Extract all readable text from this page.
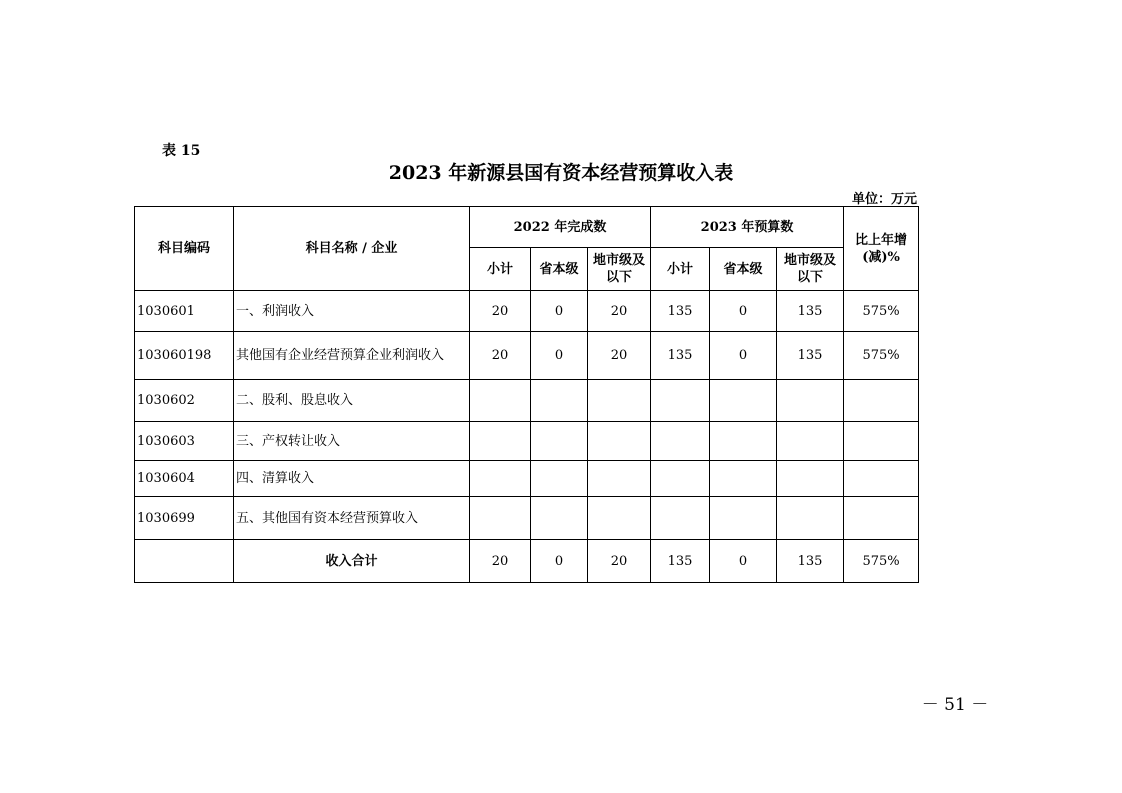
表 15
2023 年新源县国有资本经营预算收入表
单位：万元
科目编码	科目名称 / 企业	2022 年完成数			2023 年预算数			比上年增(减)%
		小计	省本级	地市级及以下	小计	省本级	地市级及以下	
1030601	一、利润收入	20	0	20	135	0	135	575%
103060198	其他国有企业经营预算企业利润收入	20	0	20	135	0	135	575%
1030602	二、股利、股息收入							
1030603	三、产权转让收入							
1030604	四、清算收入							
1030699	五、其他国有资本经营预算收入							
	收入合计	20	0	20	135	0	135	575%
－ 51 －
